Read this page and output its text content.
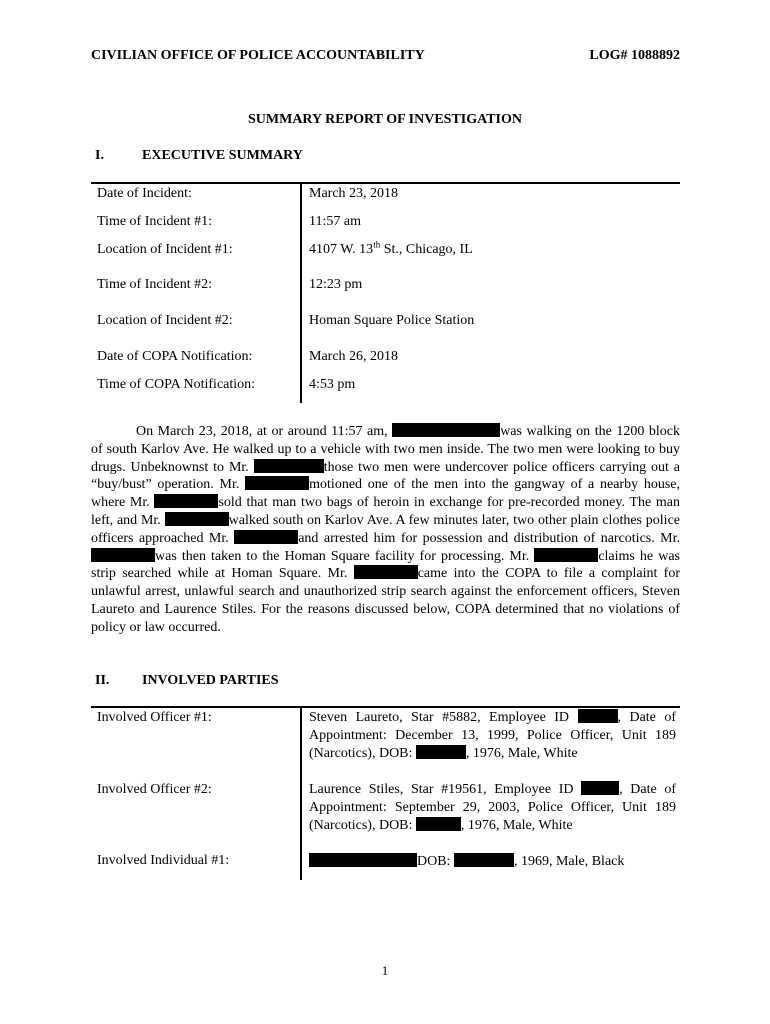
CIVILIAN OFFICE OF POLICE ACCOUNTABILITY	LOG# 1088892
SUMMARY REPORT OF INVESTIGATION
I.	EXECUTIVE SUMMARY
Date of Incident:	March 23, 2018
Time of Incident #1:	11:57 am
Location of Incident #1:	4107 W. 13th St., Chicago, IL
Time of Incident #2:	12:23 pm
Location of Incident #2:	Homan Square Police Station
Date of COPA Notification:	March 26, 2018
Time of COPA Notification:	4:53 pm
On March 23, 2018, at or around 11:57 am,	was walking on the 1200 block of south Karlov Ave. He walked up to a vehicle with two men inside. The two men were looking to buy drugs. Unbeknownst to Mr.	those two men were undercover police officers carrying out a “buy/bust” operation. Mr.	motioned one of the men into the gangway of a nearby house, where Mr.	sold that man two bags of heroin in exchange for pre-recorded money. The man left, and Mr.	walked south on Karlov Ave. A few minutes later, two other plain clothes police officers approached Mr.	and arrested him for possession and distribution of narcotics. Mr. was then taken to the Homan Square facility for processing. Mr.	claims he was strip searched while at Homan Square. Mr.	came into the COPA to file a complaint for unlawful arrest, unlawful search and unauthorized strip search against the enforcement officers, Steven Laureto and Laurence Stiles. For the reasons discussed below, COPA determined that no violations of policy or law occurred.
II. INVOLVED PARTIES
Involved Officer #1:	Steven Laureto, Star #5882, Employee ID	, Date of Appointment: December 13, 1999, Police Officer, Unit 189 (Narcotics), DOB:	, 1976, Male, White
Involved Officer #2:	Laurence Stiles, Star #19561, Employee ID	, Date of Appointment: September 29, 2003, Police Officer, Unit 189 (Narcotics), DOB:	, 1976, Male, White
Involved Individual #1:	DOB:	, 1969, Male, Black
1
